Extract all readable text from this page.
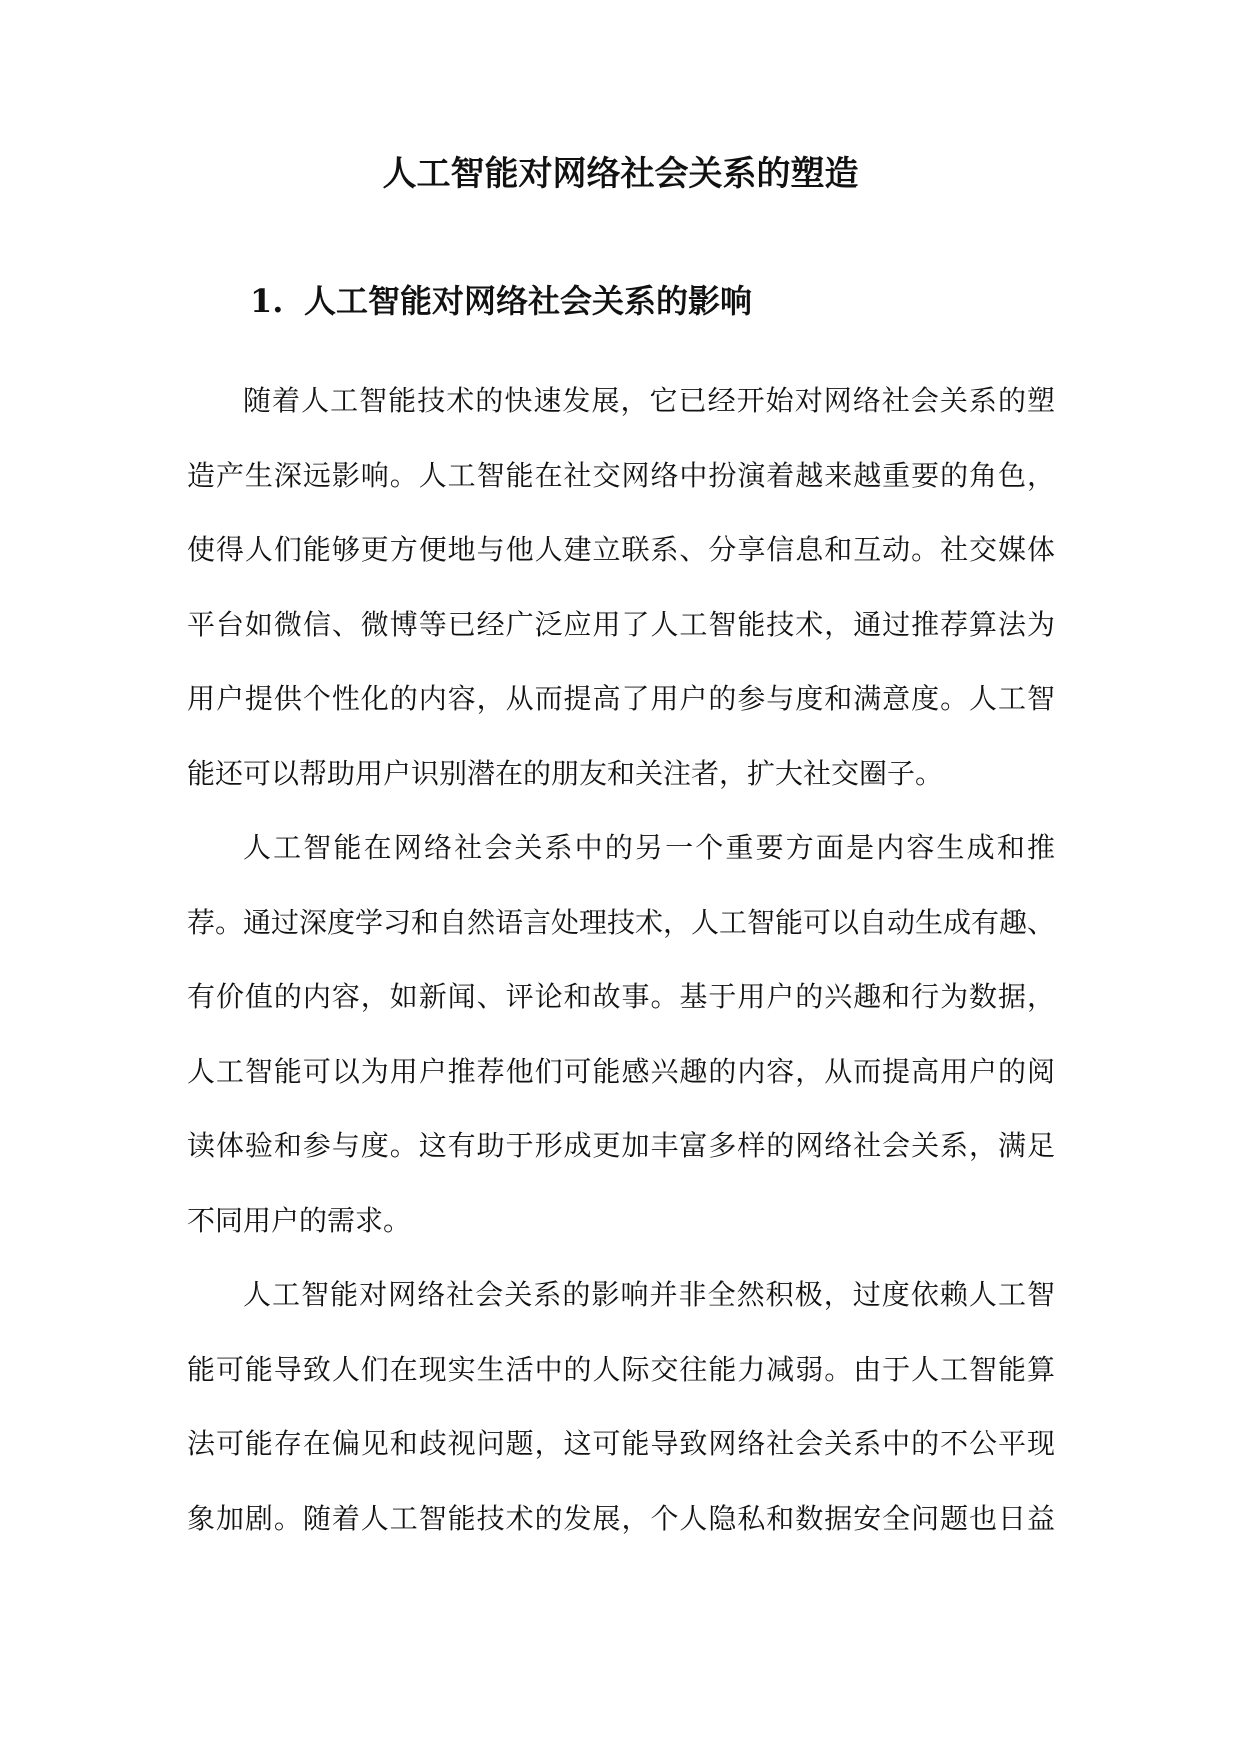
人工智能对网络社会关系的塑造
1. 人工智能对网络社会关系的影响

随着人工智能技术的快速发展，它已经开始对网络社会关系的塑
造产生深远影响。人工智能在社交网络中扮演着越来越重要的角色，
使得人们能够更方便地与他人建立联系、分享信息和互动。社交媒体
平台如微信、微博等已经广泛应用了人工智能技术，通过推荐算法为
用户提供个性化的内容，从而提高了用户的参与度和满意度。人工智
能还可以帮助用户识别潜在的朋友和关注者，扩大社交圈子。

人工智能在网络社会关系中的另一个重要方面是内容生成和推
荐。通过深度学习和自然语言处理技术，人工智能可以自动生成有趣、
有价值的内容，如新闻、评论和故事。基于用户的兴趣和行为数据，
人工智能可以为用户推荐他们可能感兴趣的内容，从而提高用户的阅
读体验和参与度。这有助于形成更加丰富多样的网络社会关系，满足
不同用户的需求。

人工智能对网络社会关系的影响并非全然积极，过度依赖人工智
能可能导致人们在现实生活中的人际交往能力减弱。由于人工智能算
法可能存在偏见和歧视问题，这可能导致网络社会关系中的不公平现
象加剧。随着人工智能技术的发展，个人隐私和数据安全问题也日益
